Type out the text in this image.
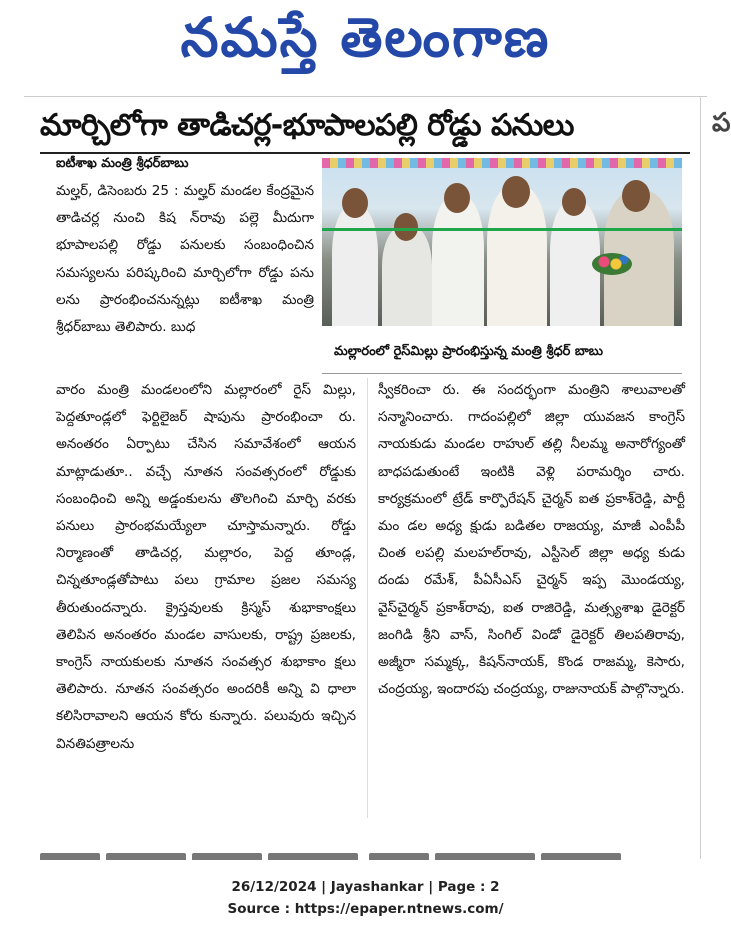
నమస్తే తెలంగాణ
ప
మార్చిలోగా తాడిచర్ల-భూపాలపల్లి రోడ్డు పనులు
ఐటీశాఖ మంత్రి శ్రీధర్‌బాబు
మల్లారంలో రైస్‌మిల్లు ప్రారంభిస్తున్న మంత్రి శ్రీధర్ బాబు

మల్హర్‌, డిసెంబరు 25 : మల్హర్‌ మండల కేంద్రమైన తాడిచర్ల నుంచి కిష న్‌రావు పల్లె మీదుగా భూపాలపల్లి రోడ్డు పనులకు సంబంధించిన సమస్యలను పరిష్కరించి మార్చిలోగా రోడ్డు పను లను ప్రారంభించనున్నట్లు ఐటీశాఖ మంత్రి శ్రీధర్‌బాబు తెలిపారు. బుధ

వారం మంత్రి మండలంలోని మల్లారంలో రైస్‌ మిల్లు, పెద్దతూండ్లలో ఫెర్టిలైజర్‌ షాపును ప్రారంభించా రు. అనంతరం ఏర్పాటు చేసిన సమావేశంలో ఆయన మాట్లాడుతూ.. వచ్చే నూతన సంవత్సరంలో రోడ్డుకు సంబంధించి అన్ని అడ్డంకులను తొలగించి మార్చి వరకు పనులు ప్రారంభమయ్యేలా చూస్తామన్నారు. రోడ్డు నిర్మాణంతో తాడిచర్ల, మల్లారం, పెద్ద తూండ్ల, చిన్నతూండ్లతోపాటు పలు గ్రామాల ప్రజల సమస్య తీరుతుందన్నారు. క్రైస్తవులకు క్రిస్మస్‌ శుభాకాంక్షలు తెలిపిన అనంతరం మండల వాసులకు, రాష్ట్ర ప్రజలకు, కాంగ్రెస్‌ నాయకులకు నూతన సంవత్సర శుభాకాం క్షలు తెలిపారు. నూతన సంవత్సరం అందరికీ అన్ని వి ధాలా కలిసిరావాలని ఆయన కోరు కున్నారు. పలువురు ఇచ్చిన వినతిపత్రాలను

స్వీకరించా రు. ఈ సందర్భంగా మంత్రిని శాలువాలతో సన్మానించారు. గాదంపల్లిలో జిల్లా యువజన కాంగ్రెస్‌ నాయకుడు మండల రాహుల్‌ తల్లి నీలమ్మ అనారోగ్యంతో బాధపడుతుంటే ఇంటికి వెళ్లి పరామర్శిం చారు. కార్యక్రమంలో ట్రేడ్‌ కార్పొరేషన్‌ చైర్మన్‌ ఐత ప్రకాశ్‌రెడ్డి, పార్టీ మం డల అధ్య క్షుడు బడితల రాజయ్య, మాజీ ఎంపీపీ చింత లపల్లి మలహల్‌రావు, ఎస్టీసెల్‌ జిల్లా అధ్య కుడు దండు రమేశ్‌, పీఏసీఎస్‌ చైర్మన్‌ ఇప్ప మొండయ్య, వైస్‌చైర్మన్‌ ప్రకాశ్‌రావు, ఐత రాజిరెడ్డి, మత్స్యశాఖ డైరెక్టర్‌ జంగిడి శ్రీని వాస్‌, సింగిల్‌ విండో డైరెక్టర్‌ తిలపతిరావు, అజ్మీరా సమ్మక్క, కిషన్‌నాయక్‌, కొండ రాజమ్మ, కెసారు, చంద్రయ్య, ఇందారపు చంద్రయ్య, రాజునాయక్‌ పాల్గొన్నారు.

26/12/2024 | Jayashankar | Page : 2
Source : https://epaper.ntnews.com/
